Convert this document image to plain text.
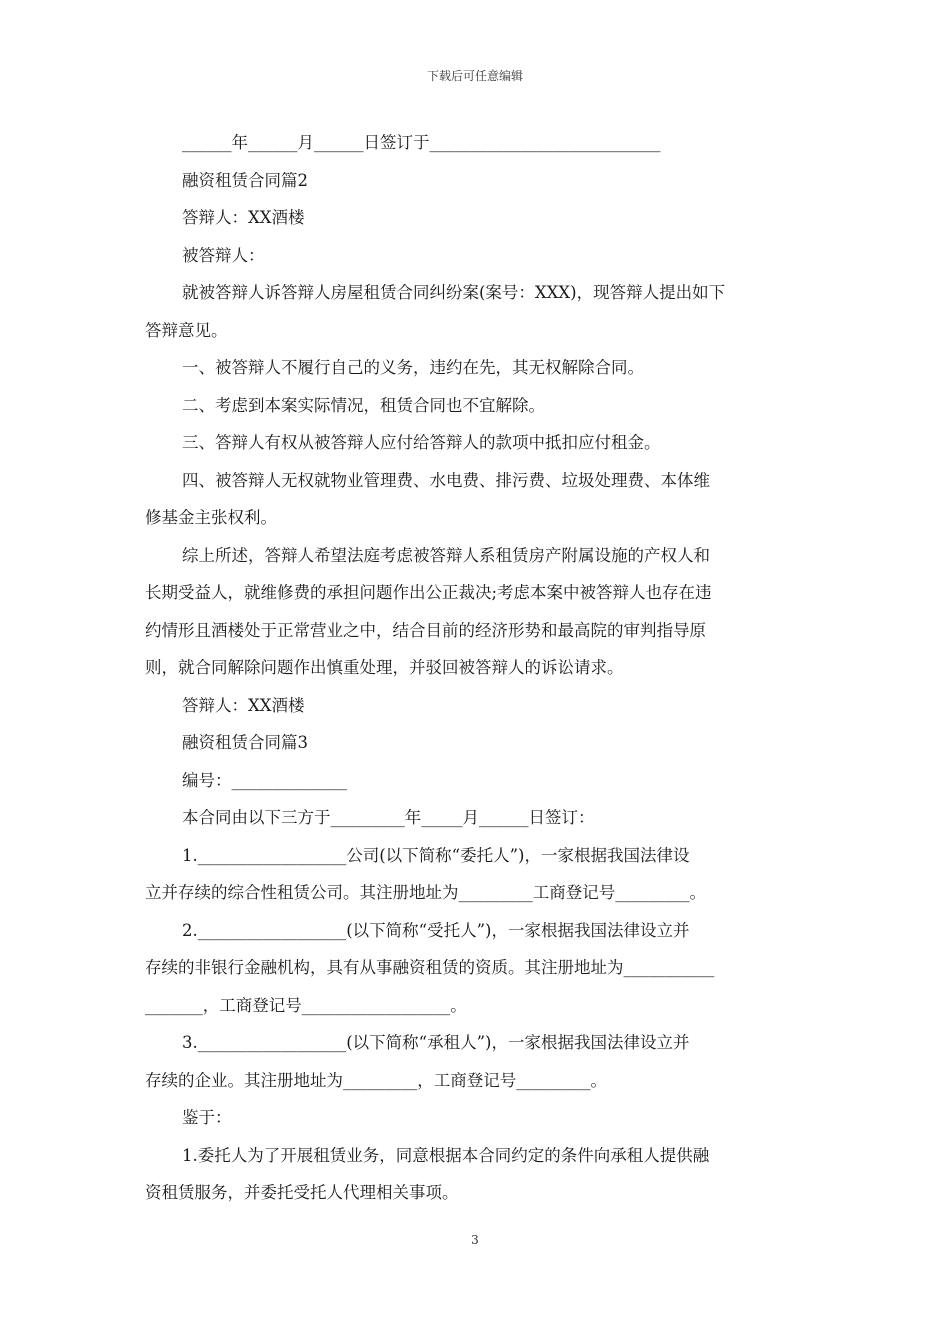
下载后可任意编辑

______年______月______日签订于____________________________

融资租赁合同篇2

答辩人：XX酒楼

被答辩人：

就被答辩人诉答辩人房屋租赁合同纠纷案(案号：XXX)，现答辩人提出如下

答辩意见。

一、被答辩人不履行自己的义务，违约在先，其无权解除合同。

二、考虑到本案实际情况，租赁合同也不宜解除。

三、答辩人有权从被答辩人应付给答辩人的款项中抵扣应付租金。

四、被答辩人无权就物业管理费、水电费、排污费、垃圾处理费、本体维

修基金主张权利。

综上所述，答辩人希望法庭考虑被答辩人系租赁房产附属设施的产权人和

长期受益人，就维修费的承担问题作出公正裁决;考虑本案中被答辩人也存在违

约情形且酒楼处于正常营业之中，结合目前的经济形势和最高院的审判指导原

则，就合同解除问题作出慎重处理，并驳回被答辩人的诉讼请求。

答辩人：XX酒楼

融资租赁合同篇3

编号：______________

本合同由以下三方于_________年_____月______日签订：

1.__________________公司(以下简称“委托人”)，一家根据我国法律设

立并存续的综合性租赁公司。其注册地址为_________工商登记号_________。

2.__________________(以下简称“受托人”)，一家根据我国法律设立并

存续的非银行金融机构，具有从事融资租赁的资质。其注册地址为___________

_______，工商登记号__________________。

3.__________________(以下简称“承租人”)，一家根据我国法律设立并

存续的企业。其注册地址为_________，工商登记号_________。

鉴于：

1.委托人为了开展租赁业务，同意根据本合同约定的条件向承租人提供融

资租赁服务，并委托受托人代理相关事项。

3
